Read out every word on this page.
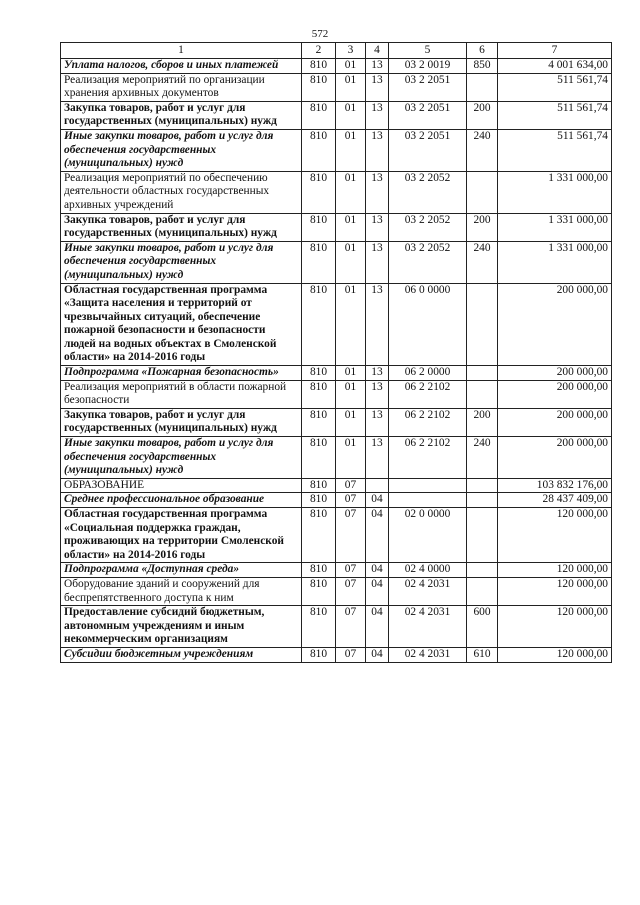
572
1	2	3	4	5	6	7
Уплата налогов, сборов и иных платежей	810	01	13	03 2 0019	850	4 001 634,00
Реализация мероприятий по организации хранения архивных документов	810	01	13	03 2 2051		511 561,74
Закупка товаров, работ и услуг для государственных (муниципальных) нужд	810	01	13	03 2 2051	200	511 561,74
Иные закупки товаров, работ и услуг для обеспечения государственных (муниципальных) нужд	810	01	13	03 2 2051	240	511 561,74
Реализация мероприятий по обеспечению деятельности областных государственных архивных учреждений	810	01	13	03 2 2052		1 331 000,00
Закупка товаров, работ и услуг для государственных (муниципальных) нужд	810	01	13	03 2 2052	200	1 331 000,00
Иные закупки товаров, работ и услуг для обеспечения государственных (муниципальных) нужд	810	01	13	03 2 2052	240	1 331 000,00
Областная государственная программа «Защита населения и территорий от чрезвычайных ситуаций, обеспечение пожарной безопасности и безопасности людей на водных объектах в Смоленской области» на 2014-2016 годы	810	01	13	06 0 0000		200 000,00
Подпрограмма «Пожарная безопасность»	810	01	13	06 2 0000		200 000,00
Реализация мероприятий в области пожарной безопасности	810	01	13	06 2 2102		200 000,00
Закупка товаров, работ и услуг для государственных (муниципальных) нужд	810	01	13	06 2 2102	200	200 000,00
Иные закупки товаров, работ и услуг для обеспечения государственных (муниципальных) нужд	810	01	13	06 2 2102	240	200 000,00
ОБРАЗОВАНИЕ	810	07				103 832 176,00
Среднее профессиональное образование	810	07	04			28 437 409,00
Областная государственная программа «Социальная поддержка граждан, проживающих на территории Смоленской области» на 2014-2016 годы	810	07	04	02 0 0000		120 000,00
Подпрограмма «Доступная среда»	810	07	04	02 4 0000		120 000,00
Оборудование зданий и сооружений для беспрепятственного доступа к ним	810	07	04	02 4 2031		120 000,00
Предоставление субсидий бюджетным, автономным учреждениям и иным некоммерческим организациям	810	07	04	02 4 2031	600	120 000,00
Субсидии бюджетным учреждениям	810	07	04	02 4 2031	610	120 000,00
